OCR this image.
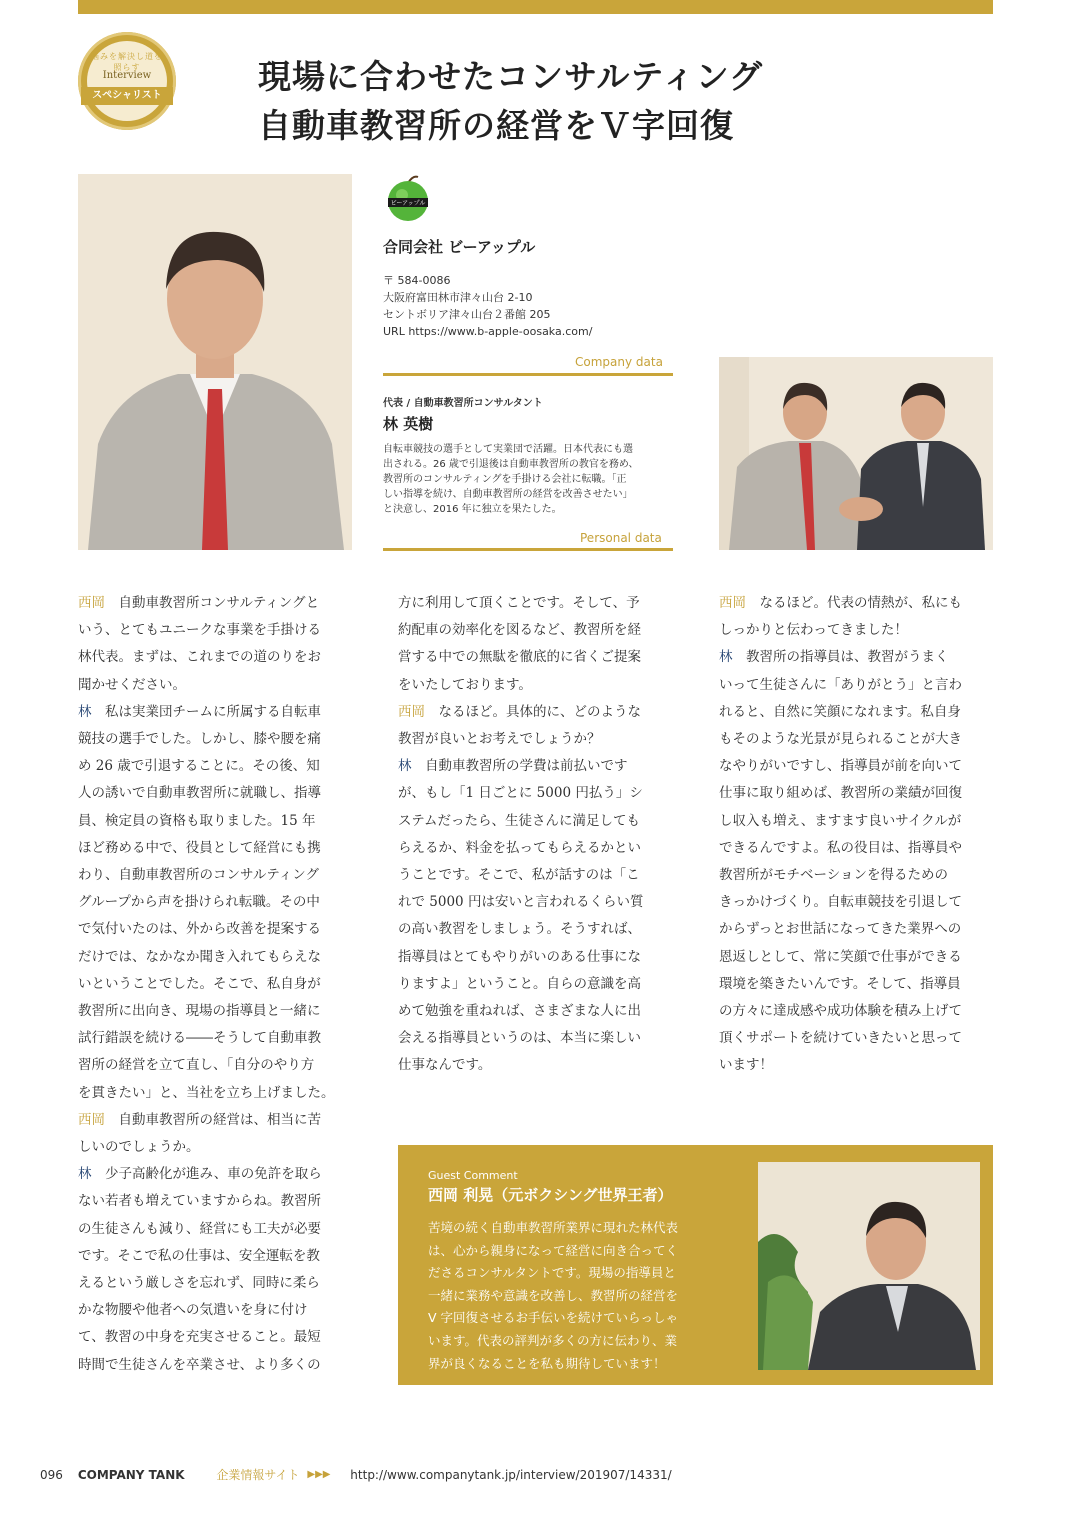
悩みを解決し道を照らす
Interview
スペシャリスト	現場に合わせたコンサルティング
自動車教習所の経営をＶ字回復
ビーアップル
合同会社 ビーアップル
〒 584-0086
大阪府富田林市津々山台 2-10
セントボリア津々山台２番館 205
URL https://www.b-apple-oosaka.com/
Company data
代表 / 自動車教習所コンサルタント
林 英樹
自転車競技の選手として実業団で活躍。日本代表にも選
出される。26 歳で引退後は自動車教習所の教官を務め、
教習所のコンサルティングを手掛ける会社に転職。「正
しい指導を続け、自動車教習所の経営を改善させたい」
と決意し、2016 年に独立を果たした。
Personal data
西岡　自動車教習所コンサルティングと
いう、とてもユニークな事業を手掛ける
林代表。まずは、これまでの道のりをお
聞かせください。
林　私は実業団チームに所属する自転車
競技の選手でした。しかし、膝や腰を痛
め 26 歳で引退することに。その後、知
人の誘いで自動車教習所に就職し、指導
員、検定員の資格も取りました。15 年
ほど務める中で、役員として経営にも携
わり、自動車教習所のコンサルティング
グループから声を掛けられ転職。その中
で気付いたのは、外から改善を提案する
だけでは、なかなか聞き入れてもらえな
いということでした。そこで、私自身が
教習所に出向き、現場の指導員と一緒に
試行錯誤を続ける――そうして自動車教
習所の経営を立て直し、「自分のやり方
を貫きたい」と、当社を立ち上げました。
西岡　自動車教習所の経営は、相当に苦
しいのでしょうか。
林　少子高齢化が進み、車の免許を取ら
ない若者も増えていますからね。教習所
の生徒さんも減り、経営にも工夫が必要
です。そこで私の仕事は、安全運転を教
えるという厳しさを忘れず、同時に柔ら
かな物腰や他者への気遣いを身に付け
て、教習の中身を充実させること。最短
時間で生徒さんを卒業させ、より多くの
方に利用して頂くことです。そして、予
約配車の効率化を図るなど、教習所を経
営する中での無駄を徹底的に省くご提案
をいたしております。
西岡　なるほど。具体的に、どのような
教習が良いとお考えでしょうか？
林　自動車教習所の学費は前払いです
が、もし「1 日ごとに 5000 円払う」シ
ステムだったら、生徒さんに満足しても
らえるか、料金を払ってもらえるかとい
うことです。そこで、私が話すのは「こ
れで 5000 円は安いと言われるくらい質
の高い教習をしましょう。そうすれば、
指導員はとてもやりがいのある仕事にな
りますよ」ということ。自らの意識を高
めて勉強を重ねれば、さまざまな人に出
会える指導員というのは、本当に楽しい
仕事なんです。
西岡　なるほど。代表の情熱が、私にも
しっかりと伝わってきました！
林　教習所の指導員は、教習がうまく
いって生徒さんに「ありがとう」と言わ
れると、自然に笑顔になれます。私自身
もそのような光景が見られることが大き
なやりがいですし、指導員が前を向いて
仕事に取り組めば、教習所の業績が回復
し収入も増え、ますます良いサイクルが
できるんですよ。私の役目は、指導員や
教習所がモチベーションを得るための
きっかけづくり。自転車競技を引退して
からずっとお世話になってきた業界への
恩返しとして、常に笑顔で仕事ができる
環境を築きたいんです。そして、指導員
の方々に達成感や成功体験を積み上げて
頂くサポートを続けていきたいと思って
います！
Guest Comment
西岡 利晃（元ボクシング世界王者）
苦境の続く自動車教習所業界に現れた林代表
は、心から親身になって経営に向き合ってく
ださるコンサルタントです。現場の指導員と
一緒に業務や意識を改善し、教習所の経営を
V 字回復させるお手伝いを続けていらっしゃ
います。代表の評判が多くの方に伝わり、業
界が良くなることを私も期待しています！
096 COMPANY TANK	企業情報サイト ▶▶▶ http://www.companytank.jp/interview/201907/14331/
